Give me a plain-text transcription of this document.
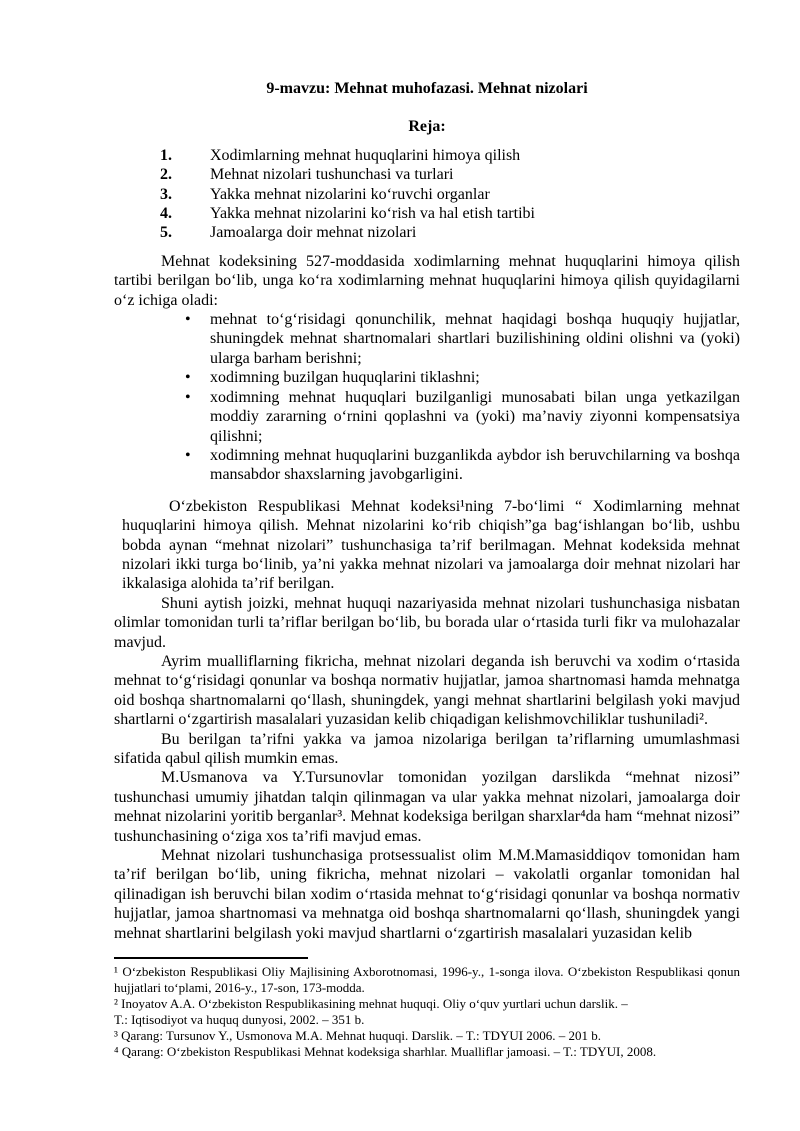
9-mavzu: Mehnat muhofazasi. Mehnat nizolari
Reja:
1.	Xodimlarning mehnat huquqlarini himoya qilish
2.	Mehnat nizolari tushunchasi va turlari
3.	Yakka mehnat nizolarini ko‘ruvchi organlar
4.	Yakka mehnat nizolarini ko‘rish va hal etish tartibi
5.	Jamoalarga doir mehnat nizolari

Mehnat kodeksining 527-moddasida xodimlarning mehnat huquqlarini himoya qilish tartibi berilgan bo‘lib, unga ko‘ra xodimlarning mehnat huquqlarini himoya qilish quyidagilarni o‘z ichiga oladi:

•	mehnat to‘g‘risidagi qonunchilik, mehnat haqidagi boshqa huquqiy hujjatlar, shuningdek mehnat shartnomalari shartlari buzilishining oldini olishni va (yoki) ularga barham berishni;
•	xodimning buzilgan huquqlarini tiklashni;
•	xodimning mehnat huquqlari buzilganligi munosabati bilan unga yetkazilgan moddiy zararning o‘rnini qoplashni va (yoki) ma’naviy ziyonni kompensatsiya qilishni;
•	xodimning mehnat huquqlarini buzganlikda aybdor ish beruvchilarning va boshqa mansabdor shaxslarning javobgarligini.

O‘zbekiston Respublikasi Mehnat kodeksi¹ning 7-bo‘limi “ Xodimlarning mehnat huquqlarini himoya qilish. Mehnat nizolarini ko‘rib chiqish”ga bag‘ishlangan bo‘lib, ushbu bobda aynan “mehnat nizolari” tushunchasiga ta’rif berilmagan. Mehnat kodeksida mehnat nizolari ikki turga bo‘linib, ya’ni yakka mehnat nizolari va jamoalarga doir mehnat nizolari har ikkalasiga alohida ta’rif berilgan.

Shuni aytish joizki, mehnat huquqi nazariyasida mehnat nizolari tushunchasiga nisbatan olimlar tomonidan turli ta’riflar berilgan bo‘lib, bu borada ular o‘rtasida turli fikr va mulohazalar mavjud.

Ayrim mualliflarning fikricha, mehnat nizolari deganda ish beruvchi va xodim o‘rtasida mehnat to‘g‘risidagi qonunlar va boshqa normativ hujjatlar, jamoa shartnomasi hamda mehnatga oid boshqa shartnomalarni qo‘llash, shuningdek, yangi mehnat shartlarini belgilash yoki mavjud shartlarni o‘zgartirish masalalari yuzasidan kelib chiqadigan kelishmovchiliklar tushuniladi².

Bu berilgan ta’rifni yakka va jamoa nizolariga berilgan ta’riflarning umumlashmasi sifatida qabul qilish mumkin emas.

M.Usmanova va Y.Tursunovlar tomonidan yozilgan darslikda “mehnat nizosi” tushunchasi umumiy jihatdan talqin qilinmagan va ular yakka mehnat nizolari, jamoalarga doir mehnat nizolarini yoritib berganlar³. Mehnat kodeksiga berilgan sharxlar⁴da ham “mehnat nizosi” tushunchasining o‘ziga xos ta’rifi mavjud emas.

Mehnat nizolari tushunchasiga protsessualist olim M.M.Mamasiddiqov tomonidan ham ta’rif berilgan bo‘lib, uning fikricha, mehnat nizolari – vakolatli organlar tomonidan hal qilinadigan ish beruvchi bilan xodim o‘rtasida mehnat to‘g‘risidagi qonunlar va boshqa normativ hujjatlar, jamoa shartnomasi va mehnatga oid boshqa shartnomalarni qo‘llash, shuningdek yangi mehnat shartlarini belgilash yoki mavjud shartlarni o‘zgartirish masalalari yuzasidan kelib

¹ O‘zbekiston Respublikasi Oliy Majlisining Axborotnomasi, 1996-y., 1-songa ilova. O‘zbekiston Respublikasi qonun hujjatlari to‘plami, 2016-y., 17-son, 173-modda.

² Inoyatov A.A. O‘zbekiston Respublikasining mehnat huquqi. Oliy o‘quv yurtlari uchun darslik. –

T.: Iqtisodiyot va huquq dunyosi, 2002. – 351 b.

³ Qarang: Tursunov Y., Usmonova M.A. Mehnat huquqi. Darslik. – T.: TDYUI 2006. – 201 b.

⁴ Qarang: O‘zbekiston Respublikasi Mehnat kodeksiga sharhlar. Mualliflar jamoasi. – T.: TDYUI, 2008.
